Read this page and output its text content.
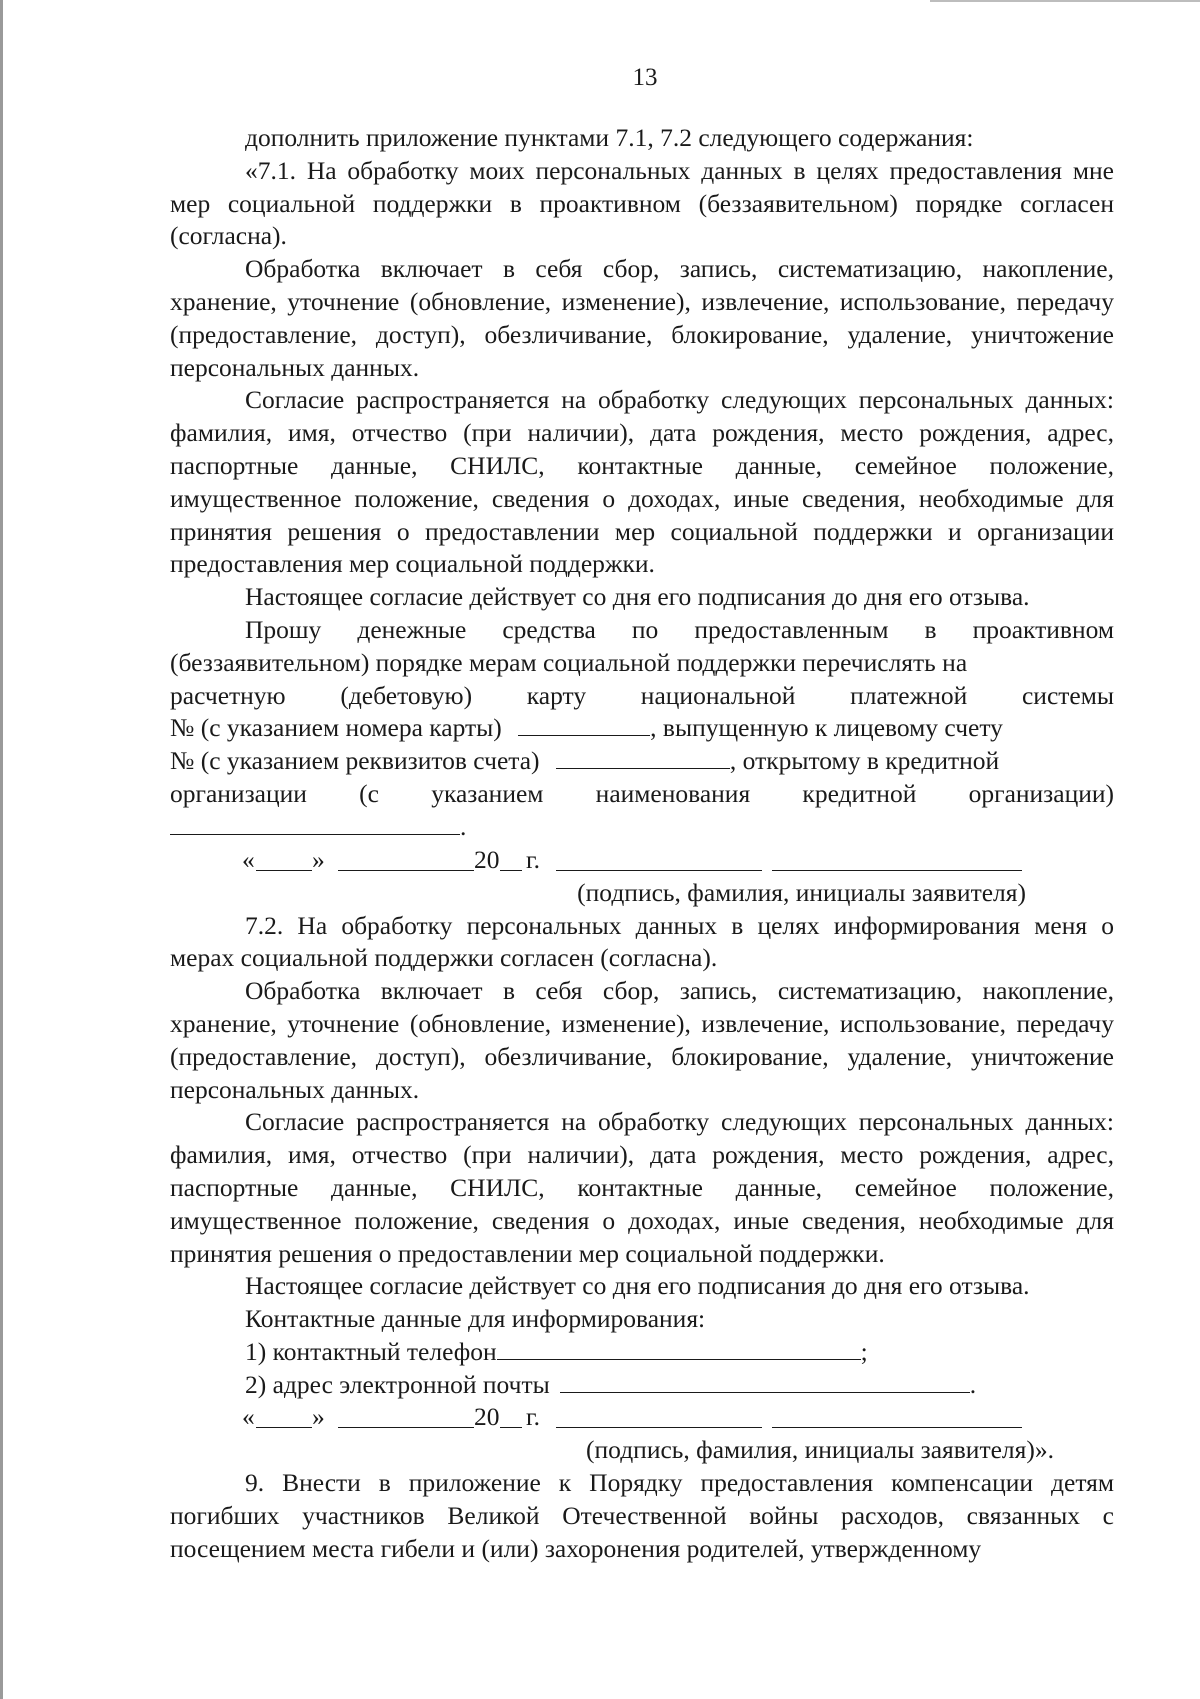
13

дополнить приложение пунктами 7.1, 7.2 следующего содержания:

«7.1. На обработку моих персональных данных в целях предоставления мне мер социальной поддержки в проактивном (беззаявительном) порядке согласен (согласна).

Обработка включает в себя сбор, запись, систематизацию, накопление, хранение, уточнение (обновление, изменение), извлечение, использование, передачу (предоставление, доступ), обезличивание, блокирование, удаление, уничтожение персональных данных.

Согласие распространяется на обработку следующих персональных данных: фамилия, имя, отчество (при наличии), дата рождения, место рождения, адрес, паспортные данные, СНИЛС, контактные данные, семейное положение, имущественное положение, сведения о доходах, иные сведения, необходимые для принятия решения о предоставлении мер социальной поддержки и организации предоставления мер социальной поддержки.

Настоящее согласие действует со дня его подписания до дня его отзыва.

Прошу денежные средства по предоставленным в проактивном (беззаявительном) порядке мерам социальной поддержки перечислять на

расчетную (дебетовую) карту национальной платежной системы
№ (с указанием номера карты)	, выпущенную к лицевому счету
№ (с указанием реквизитов счета)	, открытому в кредитной
организации (с указанием наименования кредитной организации)
.
« »	20 г.
(подпись, фамилия, инициалы заявителя)

7.2. На обработку персональных данных в целях информирования меня о мерах социальной поддержки согласен (согласна).

Обработка включает в себя сбор, запись, систематизацию, накопление, хранение, уточнение (обновление, изменение), извлечение, использование, передачу (предоставление, доступ), обезличивание, блокирование, удаление, уничтожение персональных данных.

Согласие распространяется на обработку следующих персональных данных: фамилия, имя, отчество (при наличии), дата рождения, место рождения, адрес, паспортные данные, СНИЛС, контактные данные, семейное положение, имущественное положение, сведения о доходах, иные сведения, необходимые для принятия решения о предоставлении мер социальной поддержки.

Настоящее согласие действует со дня его подписания до дня его отзыва.

Контактные данные для информирования:

1) контактный телефон	;
2) адрес электронной почты	.
« »	20 г.
(подпись, фамилия, инициалы заявителя)».

9. Внести в приложение к Порядку предоставления компенсации детям погибших участников Великой Отечественной войны расходов, связанных с посещением места гибели и (или) захоронения родителей, утвержденному
